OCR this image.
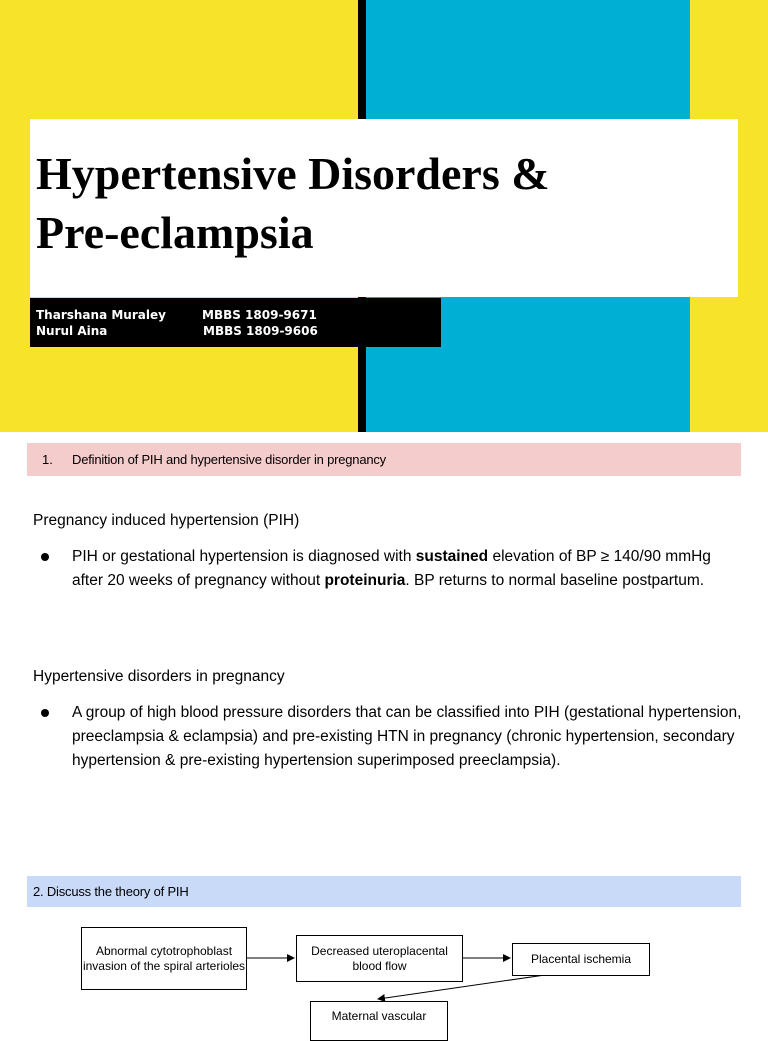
Hypertensive Disorders &
Pre-eclampsia
Tharshana Muraley	MBBS 1809-9671
Nurul Aina	MBBS 1809-9606
1.	Definition of PIH and hypertensive disorder in pregnancy

Pregnancy induced hypertension (PIH)

PIH or gestational hypertension is diagnosed with sustained elevation of BP ≥ 140/90 mmHg after 20 weeks of pregnancy without proteinuria. BP returns to normal baseline postpartum.

Hypertensive disorders in pregnancy

A group of high blood pressure disorders that can be classified into PIH (gestational hypertension, preeclampsia & eclampsia) and pre-existing HTN in pregnancy (chronic hypertension, secondary hypertension & pre-existing hypertension superimposed preeclampsia).

2. Discuss the theory of PIH
Abnormal cytotrophoblast invasion of the spiral arterioles
Decreased uteroplacental blood flow	Placental ischemia
Maternal vascular
